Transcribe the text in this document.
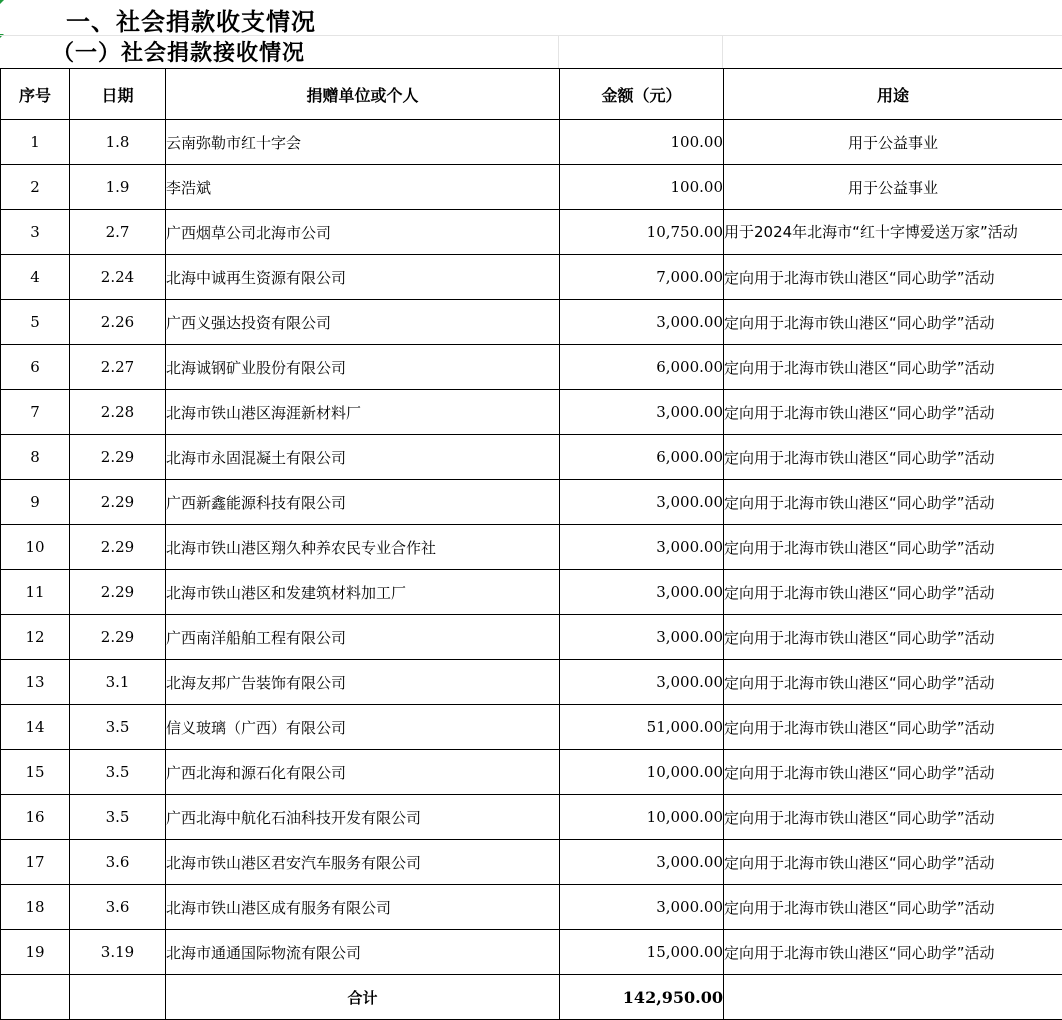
一、社会捐款收支情况
（一）社会捐款接收情况
序号	日期	捐赠单位或个人	金额（元）	用途
1	1.8	云南弥勒市红十字会	100.00	用于公益事业
2	1.9	李浩斌	100.00	用于公益事业
3	2.7	广西烟草公司北海市公司	10,750.00	用于2024年北海市“红十字博爱送万家”活动
4	2.24	北海中诚再生资源有限公司	7,000.00	定向用于北海市铁山港区“同心助学”活动
5	2.26	广西义强达投资有限公司	3,000.00	定向用于北海市铁山港区“同心助学”活动
6	2.27	北海诚钢矿业股份有限公司	6,000.00	定向用于北海市铁山港区“同心助学”活动
7	2.28	北海市铁山港区海涯新材料厂	3,000.00	定向用于北海市铁山港区“同心助学”活动
8	2.29	北海市永固混凝土有限公司	6,000.00	定向用于北海市铁山港区“同心助学”活动
9	2.29	广西新鑫能源科技有限公司	3,000.00	定向用于北海市铁山港区“同心助学”活动
10	2.29	北海市铁山港区翔久种养农民专业合作社	3,000.00	定向用于北海市铁山港区“同心助学”活动
11	2.29	北海市铁山港区和发建筑材料加工厂	3,000.00	定向用于北海市铁山港区“同心助学”活动
12	2.29	广西南洋船舶工程有限公司	3,000.00	定向用于北海市铁山港区“同心助学”活动
13	3.1	北海友邦广告装饰有限公司	3,000.00	定向用于北海市铁山港区“同心助学”活动
14	3.5	信义玻璃（广西）有限公司	51,000.00	定向用于北海市铁山港区“同心助学”活动
15	3.5	广西北海和源石化有限公司	10,000.00	定向用于北海市铁山港区“同心助学”活动
16	3.5	广西北海中航化石油科技开发有限公司	10,000.00	定向用于北海市铁山港区“同心助学”活动
17	3.6	北海市铁山港区君安汽车服务有限公司	3,000.00	定向用于北海市铁山港区“同心助学”活动
18	3.6	北海市铁山港区成有服务有限公司	3,000.00	定向用于北海市铁山港区“同心助学”活动
19	3.19	北海市通通国际物流有限公司	15,000.00	定向用于北海市铁山港区“同心助学”活动
		合计	142,950.00	
